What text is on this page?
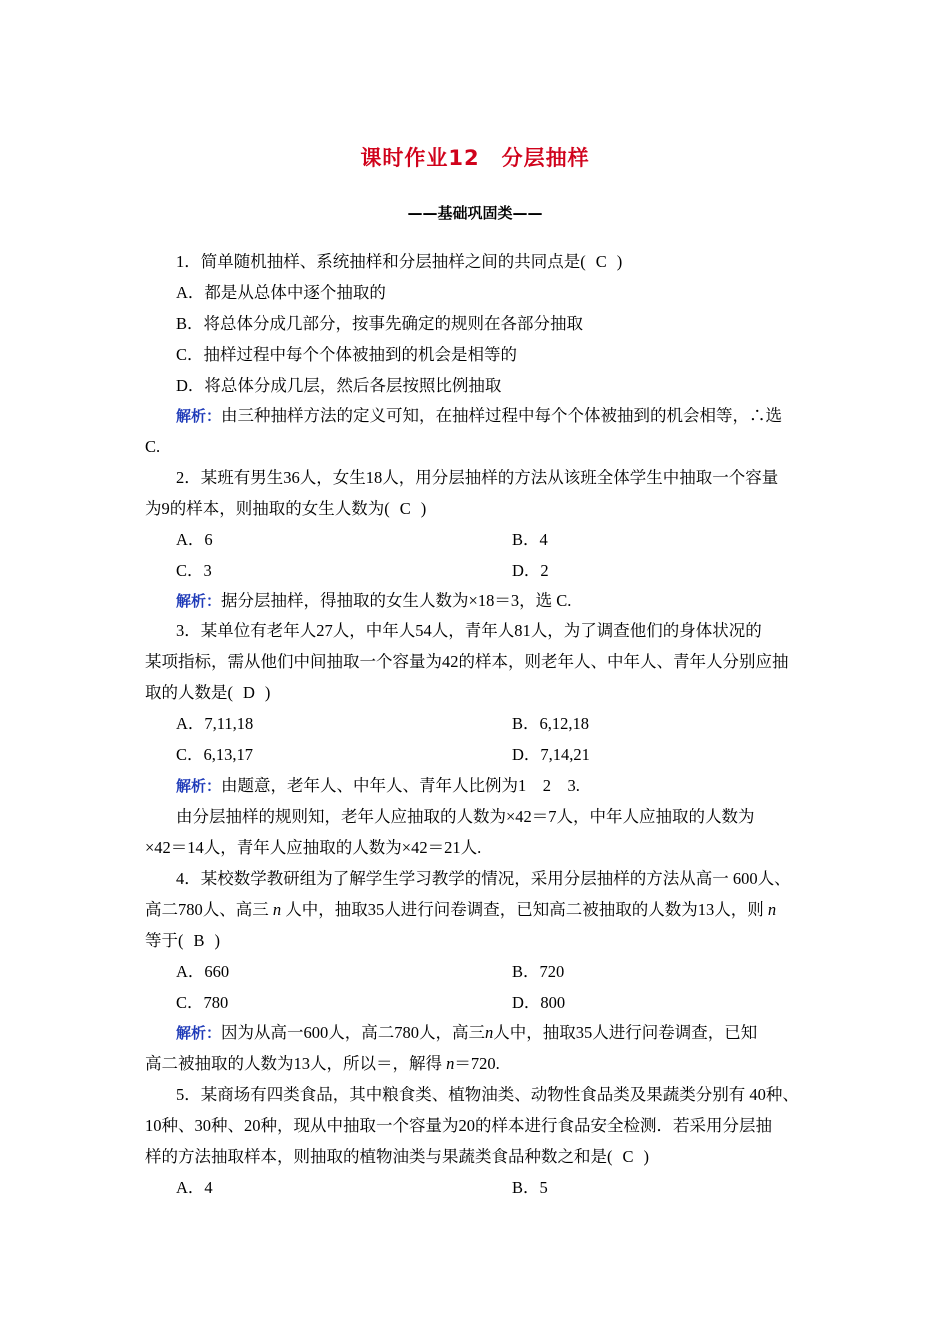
课时作业12　分层抽样
——基础巩固类——
1．简单随机抽样、系统抽样和分层抽样之间的共同点是( C )
A．都是从总体中逐个抽取的
B．将总体分成几部分，按事先确定的规则在各部分抽取
C．抽样过程中每个个体被抽到的机会是相等的
D．将总体分成几层，然后各层按照比例抽取
解析：由三种抽样方法的定义可知，在抽样过程中每个个体被抽到的机会相等，∴选
C.
2．某班有男生36人，女生18人，用分层抽样的方法从该班全体学生中抽取一个容量
为9的样本，则抽取的女生人数为( C )
A．6	B．4
C．3	D．2
解析：据分层抽样，得抽取的女生人数为×18＝3，选 C.
3．某单位有老年人27人，中年人54人，青年人81人，为了调查他们的身体状况的
某项指标，需从他们中间抽取一个容量为42的样本，则老年人、中年人、青年人分别应抽
取的人数是( D )
A．7,11,18	B．6,12,18
C．6,13,17	D．7,14,21
解析：由题意，老年人、中年人、青年人比例为1　2　3.
由分层抽样的规则知，老年人应抽取的人数为×42＝7人，中年人应抽取的人数为
×42＝14人，青年人应抽取的人数为×42＝21人.
4．某校数学教研组为了解学生学习教学的情况，采用分层抽样的方法从高一 600人、
高二780人、高三 n 人中，抽取35人进行问卷调查，已知高二被抽取的人数为13人，则 n
等于( B )
A．660	B．720
C．780	D．800
解析：因为从高一600人，高二780人，高三n人中，抽取35人进行问卷调查，已知
高二被抽取的人数为13人，所以＝，解得 n＝720.
5．某商场有四类食品，其中粮食类、植物油类、动物性食品类及果蔬类分别有 40种、
10种、30种、20种，现从中抽取一个容量为20的样本进行食品安全检测．若采用分层抽
样的方法抽取样本，则抽取的植物油类与果蔬类食品种数之和是( C )
A．4	B．5
